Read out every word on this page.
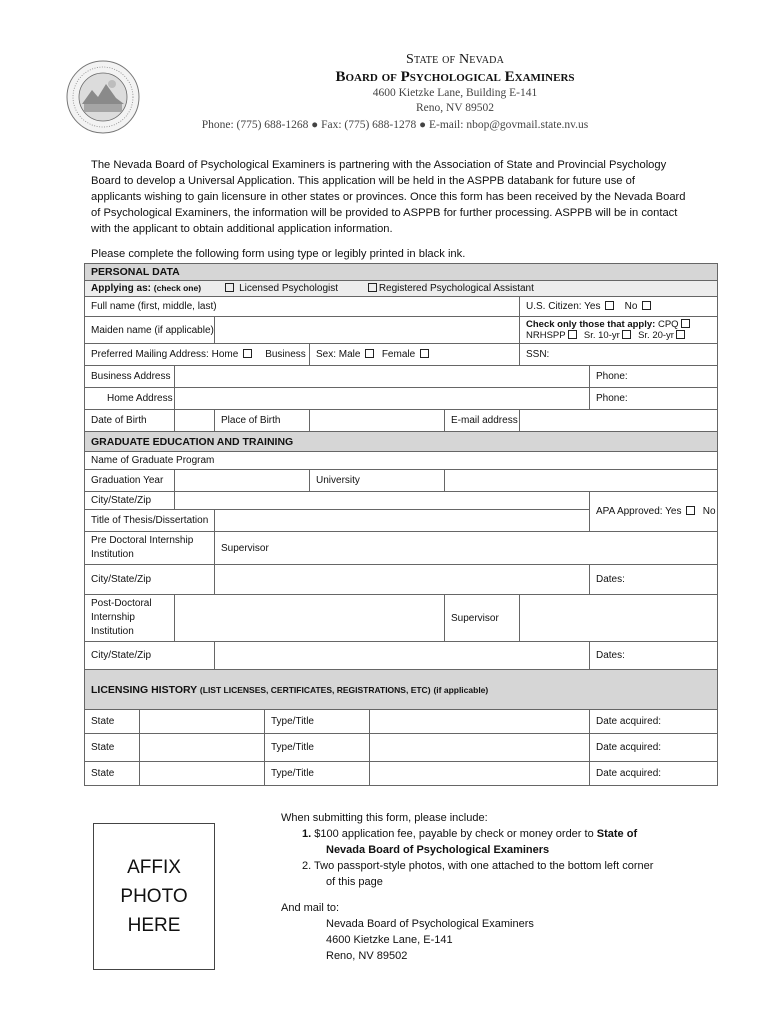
State of Nevada
Board of Psychological Examiners
4600 Kietzke Lane, Building E-141
Reno, NV 89502
Phone: (775) 688-1268 ● Fax: (775) 688-1278 ● E-mail: nbop@govmail.state.nv.us
The Nevada Board of Psychological Examiners is partnering with the Association of State and Provincial Psychology Board to develop a Universal Application. This application will be held in the ASPPB databank for future use of applicants wishing to gain licensure in other states or provinces. Once this form has been received by the Nevada Board of Psychological Examiners, the information will be provided to ASPPB for further processing. ASPPB will be in contact with the applicant to obtain additional application information.
Please complete the following form using type or legibly printed in black ink.
PERSONAL DATA									
Applying as: (check one) Licensed Psychologist Registered Psychological Assistant									
Full name (first, middle, last)								U.S. Citizen: Yes No	
Maiden name (if applicable)								Check only those that apply: CPQ
NRHSPP Sr. 10-yr Sr. 20-yr	
Preferred Mailing Address: Home Business					Sex: Male Female			SSN:	
Business Address									Phone:
Home Address									Phone:
Date of Birth			Place of Birth				E-mail address		
GRADUATE EDUCATION AND TRAINING									
Name of Graduate Program									
Graduation Year					University				
City/State/Zip									APA Approved: Yes No
Title of Thesis/Dissertation									
Pre Doctoral Internship Institution			Supervisor						
City/State/Zip									Dates:
Post-Doctoral Internship Institution							Supervisor		
City/State/Zip									Dates:
LICENSING HISTORY (LIST LICENSES, CERTIFICATES, REGISTRATIONS, ETC) (if applicable)									
State				Type/Title					Date acquired:
State				Type/Title					Date acquired:
State				Type/Title					Date acquired:
AFFIX
PHOTO
HERE
When submitting this form, please include:
1. $100 application fee, payable by check or money order to State of
Nevada Board of Psychological Examiners
2. Two passport-style photos, with one attached to the bottom left corner
of this page
And mail to:
Nevada Board of Psychological Examiners
4600 Kietzke Lane, E-141
Reno, NV 89502
